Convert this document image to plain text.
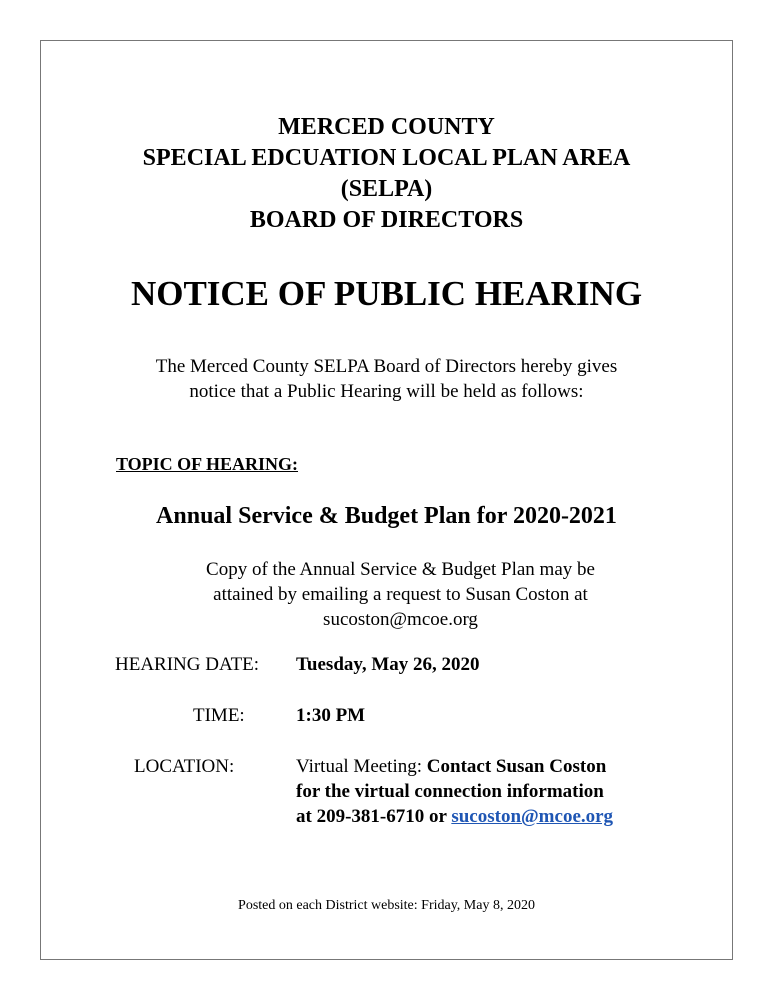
MERCED COUNTY
SPECIAL EDCUATION LOCAL PLAN AREA
(SELPA)
BOARD OF DIRECTORS
NOTICE OF PUBLIC HEARING
The Merced County SELPA Board of Directors hereby gives
notice that a Public Hearing will be held as follows:
TOPIC OF HEARING:
Annual Service & Budget Plan for 2020-2021
Copy of the Annual Service & Budget Plan may be
attained by emailing a request to Susan Coston at
sucoston@mcoe.org
HEARING DATE: Tuesday, May 26, 2020
TIME:	1:30 PM
LOCATION:	Virtual Meeting: Contact Susan Coston
for the virtual connection information
at 209-381-6710 or sucoston@mcoe.org
Posted on each District website: Friday, May 8, 2020
